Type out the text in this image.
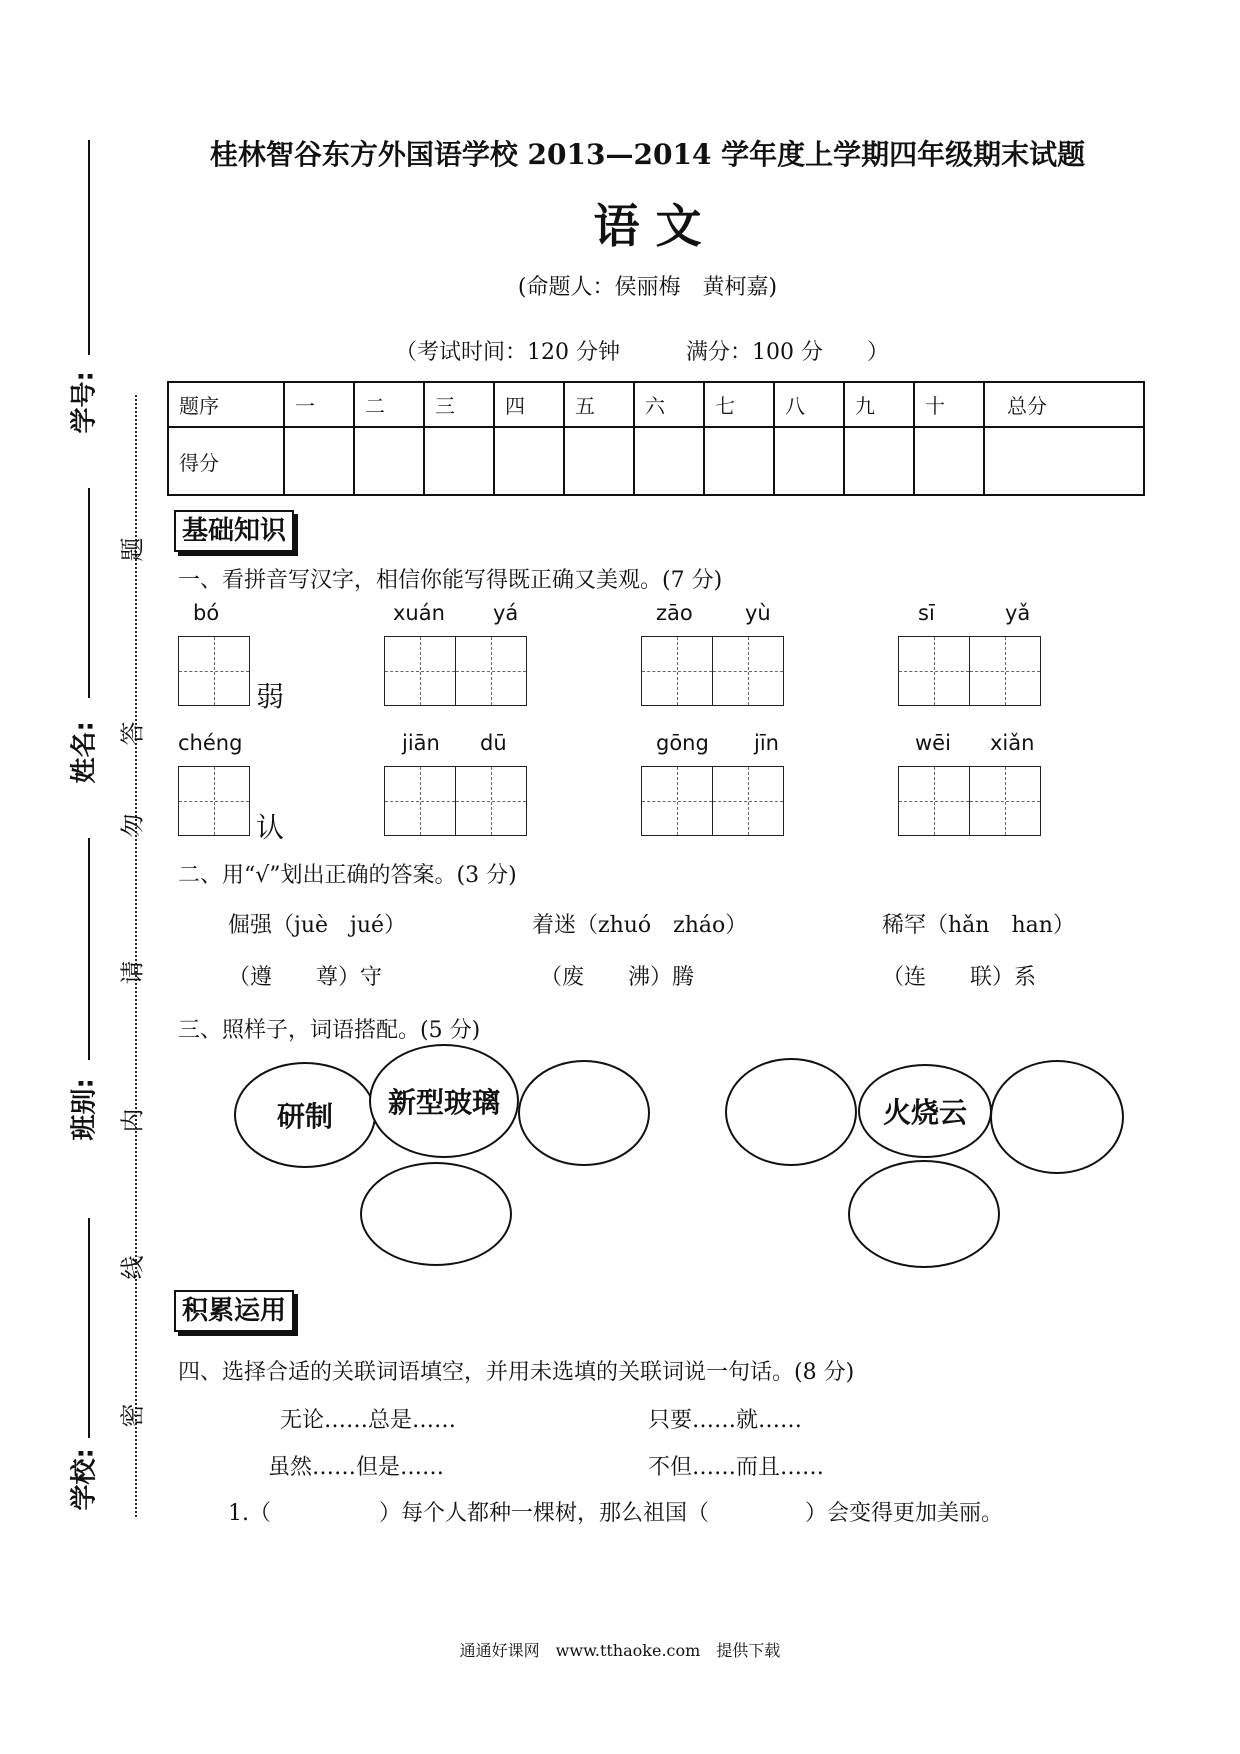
学号:
姓名:
班别:
学校:
题
答
勿
请
内
线
密
桂林智谷东方外国语学校 2013—2014 学年度上学期四年级期末试题
语 文
(命题人：侯丽梅　黄柯嘉)
（考试时间：120 分钟　　　满分：100 分　　）
题序	一	二	三	四	五	六	七	八	九	十	总分
得分											
基础知识
一、看拼音写汉字，相信你能写得既正确又美观。(7 分)
bó	xuán yá	zāo yù	sī	yǎ
弱
chéng	jiān dū	gōng jīn	wēi xiǎn
认
二、用“√”划出正确的答案。(3 分)
倔强（juè　jué）	着迷（zhuó　zháo）	稀罕（hǎn　han）
（遵　　尊）守	（废　　沸）腾	（连　　联）系
三、照样子，词语搭配。(5 分)
研制	新型玻璃	火烧云
积累运用
四、选择合适的关联词语填空，并用未选填的关联词说一句话。(8 分)
无论……总是……	只要……就……
虽然……但是……	不但……而且……
1.（	）每个人都种一棵树，那么祖国（	）会变得更加美丽。
通通好课网　www.tthaoke.com　提供下载
